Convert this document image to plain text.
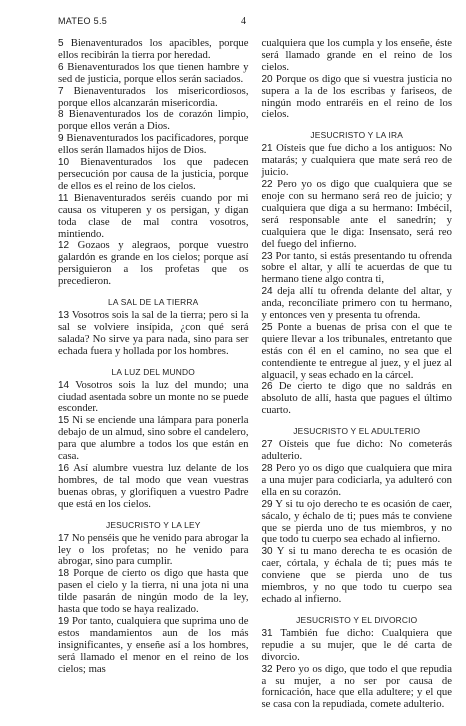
MATEO 5.5	4

5 Bienaventurados los apacibles, porque ellos recibirán la tierra por heredad.

6 Bienaventurados los que tienen hambre y sed de justicia, porque ellos serán saciados.

7 Bienaventurados los misericordiosos, porque ellos alcanzarán misericordia.

8 Bienaventurados los de corazón limpio, porque ellos verán a Dios.

9 Bienaventurados los pacificadores, porque ellos serán llamados hijos de Dios.

10 Bienaventurados los que padecen persecución por causa de la justicia, porque de ellos es el reino de los cielos.

11 Bienaventurados seréis cuando por mi causa os vituperen y os persigan, y digan toda clase de mal contra vosotros, mintiendo.

12 Gozaos y alegraos, porque vuestro galardón es grande en los cielos; porque así persiguieron a los profetas que os precedieron.

LA SAL DE LA TIERRA

13 Vosotros sois la sal de la tierra; pero si la sal se volviere insípida, ¿con qué será salada? No sirve ya para nada, sino para ser echada fuera y hollada por los hombres.

LA LUZ DEL MUNDO

14 Vosotros sois la luz del mundo; una ciudad asentada sobre un monte no se puede esconder.

15 Ni se enciende una lámpara para ponerla debajo de un almud, sino sobre el candelero, para que alumbre a todos los que están en casa.

16 Así alumbre vuestra luz delante de los hombres, de tal modo que vean vuestras buenas obras, y glorifiquen a vuestro Padre que está en los cielos.

JESUCRISTO Y LA LEY

17 No penséis que he venido para abrogar la ley o los profetas; no he venido para abrogar, sino para cumplir.

18 Porque de cierto os digo que hasta que pasen el cielo y la tierra, ni una jota ni una tilde pasarán de ningún modo de la ley, hasta que todo se haya realizado.

19 Por tanto, cualquiera que suprima uno de estos mandamientos aun de los más insignificantes, y enseñe así a los hombres, será llamado el menor en el reino de los cielos; mas

cualquiera que los cumpla y los enseñe, éste será llamado grande en el reino de los cielos.

20 Porque os digo que si vuestra justicia no supera a la de los escribas y fariseos, de ningún modo entraréis en el reino de los cielos.

JESUCRISTO Y LA IRA

21 Oísteis que fue dicho a los antiguos: No matarás; y cualquiera que mate será reo de juicio.

22 Pero yo os digo que cualquiera que se enoje con su hermano será reo de juicio; y cualquiera que diga a su hermano: Imbécil, será responsable ante el sanedrín; y cualquiera que le diga: Insensato, será reo del fuego del infierno.

23 Por tanto, si estás presentando tu ofrenda sobre el altar, y allí te acuerdas de que tu hermano tiene algo contra ti,

24 deja allí tu ofrenda delante del altar, y anda, reconcíliate primero con tu hermano, y entonces ven y presenta tu ofrenda.

25 Ponte a buenas de prisa con el que te quiere llevar a los tribunales, entretanto que estás con él en el camino, no sea que el contendiente te entregue al juez, y el juez al alguacil, y seas echado en la cárcel.

26 De cierto te digo que no saldrás en absoluto de allí, hasta que pagues el último cuarto.

JESUCRISTO Y EL ADULTERIO

27 Oísteis que fue dicho: No cometerás adulterio.

28 Pero yo os digo que cualquiera que mira a una mujer para codiciarla, ya adulteró con ella en su corazón.

29 Y si tu ojo derecho te es ocasión de caer, sácalo, y échalo de ti; pues más te conviene que se pierda uno de tus miembros, y no que todo tu cuerpo sea echado al infierno.

30 Y si tu mano derecha te es ocasión de caer, córtala, y échala de ti; pues más te conviene que se pierda uno de tus miembros, y no que todo tu cuerpo sea echado al infierno.

JESUCRISTO Y EL DIVORCIO

31 También fue dicho: Cualquiera que repudie a su mujer, que le dé carta de divorcio.

32 Pero yo os digo, que todo el que repudia a su mujer, a no ser por causa de fornicación, hace que ella adultere; y el que se casa con la repudiada, comete adulterio.
